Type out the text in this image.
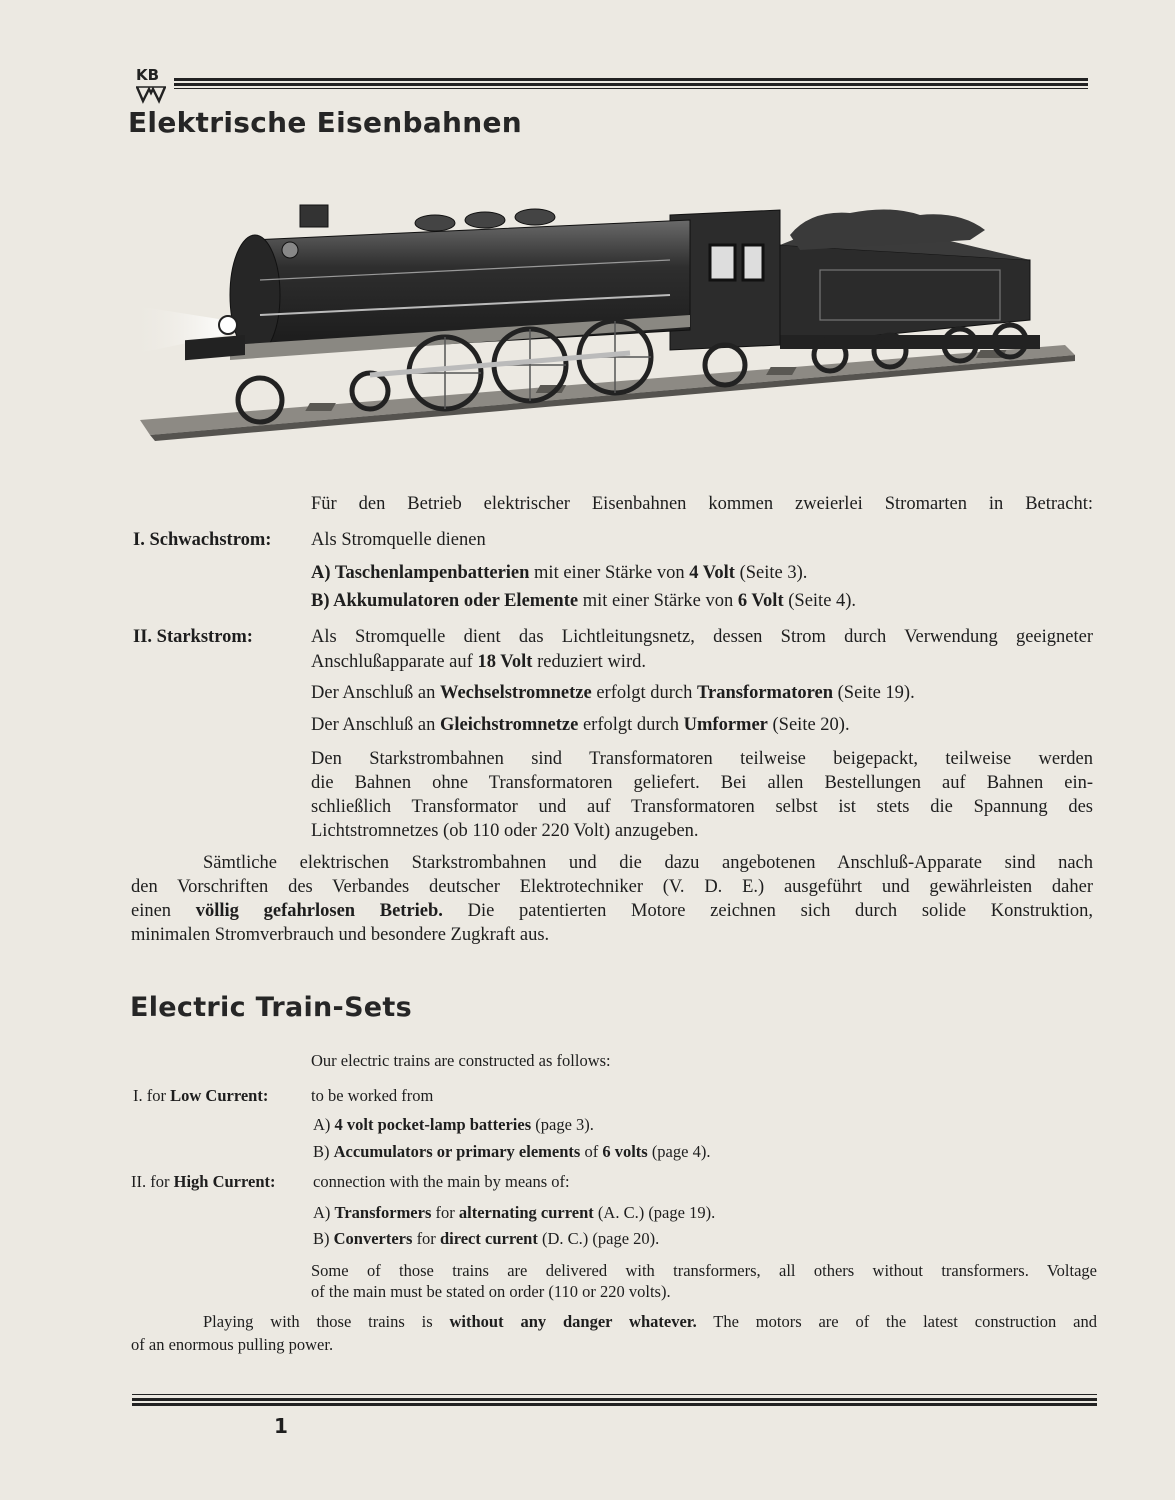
KB
Elektrische Eisenbahnen
Für den Betrieb elektrischer Eisenbahnen kommen zweierlei Stromarten in Betracht:
I. Schwachstrom: Als Stromquelle dienen
A) Taschenlampenbatterien mit einer Stärke von 4 Volt (Seite 3).
B) Akkumulatoren oder Elemente mit einer Stärke von 6 Volt (Seite 4).
II. Starkstrom:	Als Stromquelle dient das Lichtleitungsnetz, dessen Strom durch Verwendung geeigneter
Anschlußapparate auf 18 Volt reduziert wird.
Der Anschluß an Wechselstromnetze erfolgt durch Transformatoren (Seite 19).
Der Anschluß an Gleichstromnetze erfolgt durch Umformer (Seite 20).
Den Starkstrombahnen sind Transformatoren teilweise beigepackt, teilweise werden
die Bahnen ohne Transformatoren geliefert. Bei allen Bestellungen auf Bahnen ein-
schließlich Transformator und auf Transformatoren selbst ist stets die Spannung des
Lichtstromnetzes (ob 110 oder 220 Volt) anzugeben.
Sämtliche elektrischen Starkstrombahnen und die dazu angebotenen Anschluß-Apparate sind nach
den Vorschriften des Verbandes deutscher Elektrotechniker (V. D. E.) ausgeführt und gewährleisten daher
einen völlig gefahrlosen Betrieb. Die patentierten Motore zeichnen sich durch solide Konstruktion,
minimalen Stromverbrauch und besondere Zugkraft aus.
Electric Train-Sets
Our electric trains are constructed as follows:
I. for Low Current:	to be worked from
A) 4 volt pocket-lamp batteries (page 3).
B) Accumulators or primary elements of 6 volts (page 4).
II. for High Current: connection with the main by means of:
A) Transformers for alternating current (A. C.) (page 19).
B) Converters for direct current (D. C.) (page 20).
Some of those trains are delivered with transformers, all others without transformers. Voltage
of the main must be stated on order (110 or 220 volts).
Playing with those trains is without any danger whatever. The motors are of the latest construction and
of an enormous pulling power.
1
